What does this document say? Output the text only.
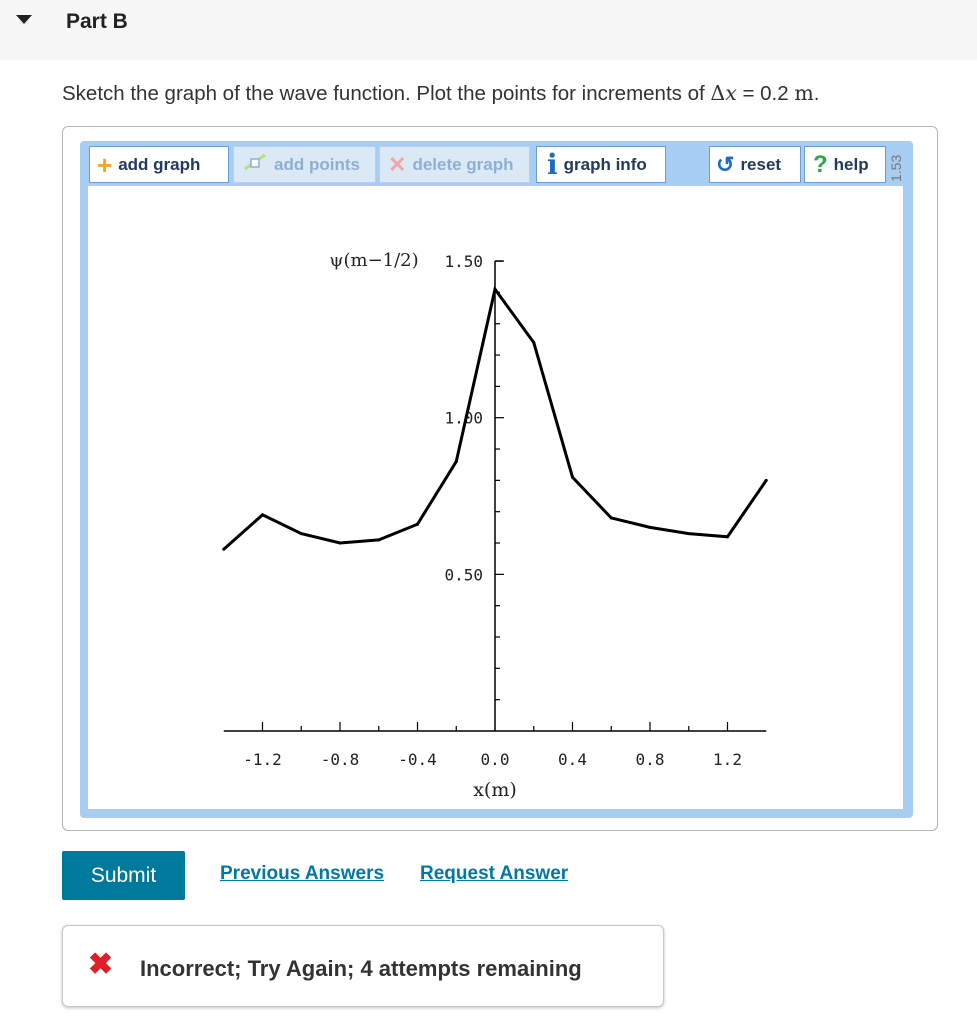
Part B
Sketch the graph of the wave function. Plot the points for increments of Δx = 0.2 m.
+ add graph	add points ✕ delete graph i graph info	↺ reset ? help 1.53
-1.2 -0.8 -0.4	0.0	0.4	0.8	1.2
0.50
1.00
1.50
ψ(m−1/2)
x(m)
Submit	Previous Answers Request Answer
✖ Incorrect; Try Again; 4 attempts remaining
